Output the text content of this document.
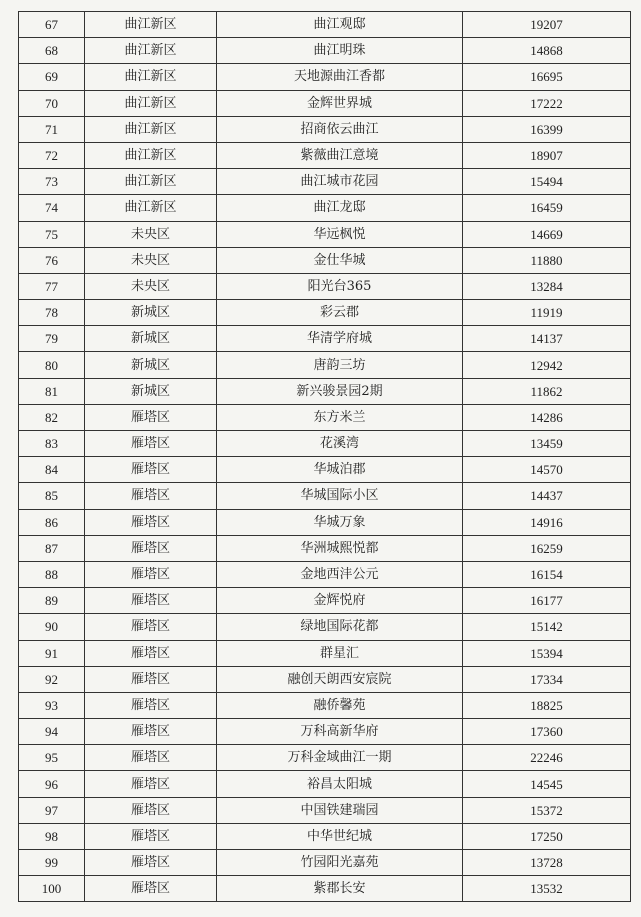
67	曲江新区	曲江观邸	19207
68	曲江新区	曲江明珠	14868
69	曲江新区	天地源曲江香都	16695
70	曲江新区	金辉世界城	17222
71	曲江新区	招商依云曲江	16399
72	曲江新区	紫薇曲江意境	18907
73	曲江新区	曲江城市花园	15494
74	曲江新区	曲江龙邸	16459
75	未央区	华远枫悦	14669
76	未央区	金仕华城	11880
77	未央区	阳光台365	13284
78	新城区	彩云郡	11919
79	新城区	华清学府城	14137
80	新城区	唐韵三坊	12942
81	新城区	新兴骏景园2期	11862
82	雁塔区	东方米兰	14286
83	雁塔区	花溪湾	13459
84	雁塔区	华城泊郡	14570
85	雁塔区	华城国际小区	14437
86	雁塔区	华城万象	14916
87	雁塔区	华洲城熙悦都	16259
88	雁塔区	金地西沣公元	16154
89	雁塔区	金辉悦府	16177
90	雁塔区	绿地国际花都	15142
91	雁塔区	群星汇	15394
92	雁塔区	融创天朗西安宸院	17334
93	雁塔区	融侨馨苑	18825
94	雁塔区	万科高新华府	17360
95	雁塔区	万科金域曲江一期	22246
96	雁塔区	裕昌太阳城	14545
97	雁塔区	中国铁建瑞园	15372
98	雁塔区	中华世纪城	17250
99	雁塔区	竹园阳光嘉苑	13728
100	雁塔区	紫郡长安	13532
